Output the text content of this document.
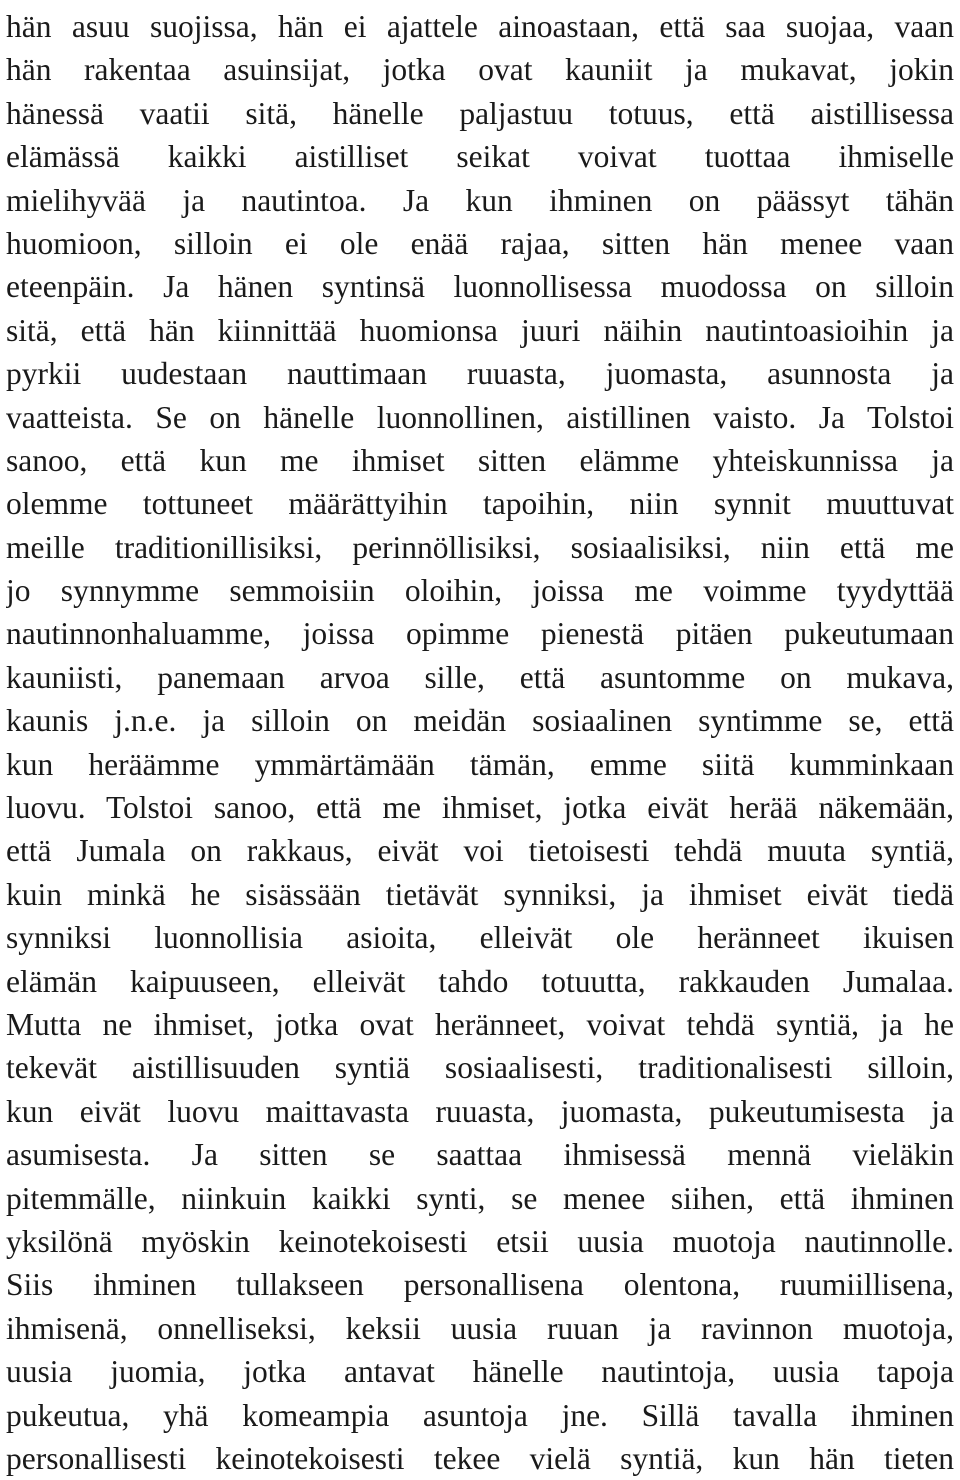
hän asuu suojissa, hän ei ajattele ainoastaan, että saa suojaa, vaan
hän rakentaa asuinsijat, jotka ovat kauniit ja mukavat, jokin
hänessä vaatii sitä, hänelle paljastuu totuus, että aistillisessa
elämässä kaikki aistilliset seikat voivat tuottaa ihmiselle
mielihyvää ja nautintoa. Ja kun ihminen on päässyt tähän
huomioon, silloin ei ole enää rajaa, sitten hän menee vaan
eteenpäin. Ja hänen syntinsä luonnollisessa muodossa on silloin
sitä, että hän kiinnittää huomionsa juuri näihin nautintoasioihin ja
pyrkii uudestaan nauttimaan ruuasta, juomasta, asunnosta ja
vaatteista. Se on hänelle luonnollinen, aistillinen vaisto. Ja Tolstoi
sanoo, että kun me ihmiset sitten elämme yhteiskunnissa ja
olemme tottuneet määrättyihin tapoihin, niin synnit muuttuvat
meille traditionillisiksi, perinnöllisiksi, sosiaalisiksi, niin että me
jo synnymme semmoisiin oloihin, joissa me voimme tyydyttää
nautinnonhaluamme, joissa opimme pienestä pitäen pukeutumaan
kauniisti, panemaan arvoa sille, että asuntomme on mukava,
kaunis j.n.e. ja silloin on meidän sosiaalinen syntimme se, että
kun heräämme ymmärtämään tämän, emme siitä kumminkaan
luovu. Tolstoi sanoo, että me ihmiset, jotka eivät herää näkemään,
että Jumala on rakkaus, eivät voi tietoisesti tehdä muuta syntiä,
kuin minkä he sisässään tietävät synniksi, ja ihmiset eivät tiedä
synniksi luonnollisia asioita, elleivät ole heränneet ikuisen
elämän kaipuuseen, elleivät tahdo totuutta, rakkauden Jumalaa.
Mutta ne ihmiset, jotka ovat heränneet, voivat tehdä syntiä, ja he
tekevät aistillisuuden syntiä sosiaalisesti, traditionalisesti silloin,
kun eivät luovu maittavasta ruuasta, juomasta, pukeutumisesta ja
asumisesta. Ja sitten se saattaa ihmisessä mennä vieläkin
pitemmälle, niinkuin kaikki synti, se menee siihen, että ihminen
yksilönä myöskin keinotekoisesti etsii uusia muotoja nautinnolle.
Siis ihminen tullakseen personallisena olentona, ruumiillisena,
ihmisenä, onnelliseksi, keksii uusia ruuan ja ravinnon muotoja,
uusia juomia, jotka antavat hänelle nautintoja, uusia tapoja
pukeutua, yhä komeampia asuntoja jne. Sillä tavalla ihminen
personallisesti keinotekoisesti tekee vielä syntiä, kun hän tieten
